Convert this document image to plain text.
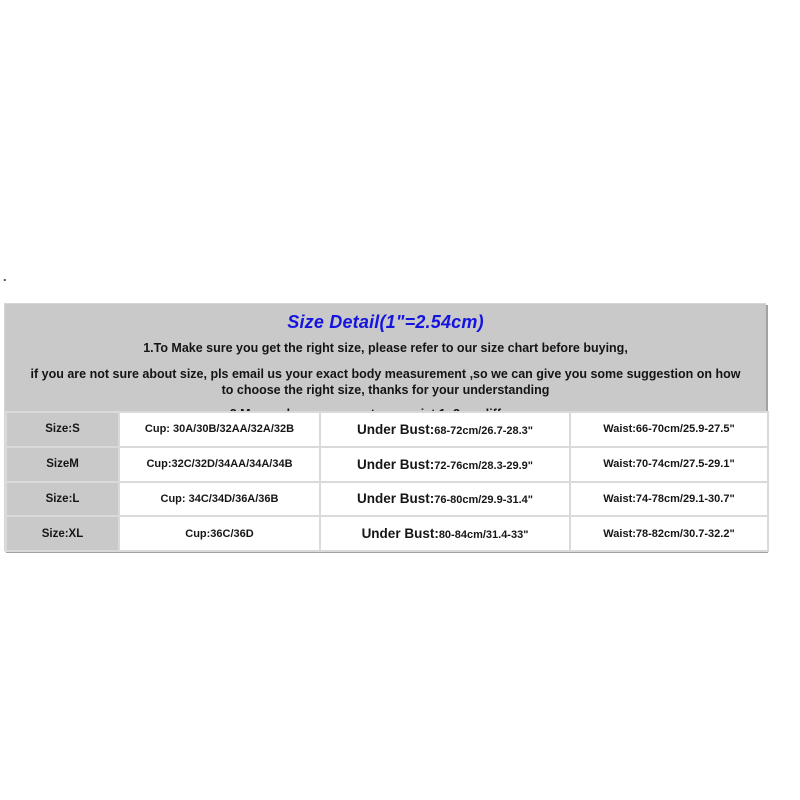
.
Size Detail(1"=2.54cm)
1.To Make sure you get the right size, please refer to our size chart before buying,
if you are not sure about size, pls email us your exact body measurement ,so we can give you some suggestion on how to choose the right size, thanks for your understanding
Size:S	Cup: 30A/30B/32AA/32A/32B	Under Bust:68-72cm/26.7-28.3"	Waist:66-70cm/25.9-27.5"
SizeM	Cup:32C/32D/34AA/34A/34B	Under Bust:72-76cm/28.3-29.9"	Waist:70-74cm/27.5-29.1"
Size:L	Cup: 34C/34D/36A/36B	Under Bust:76-80cm/29.9-31.4"	Waist:74-78cm/29.1-30.7"
Size:XL	Cup:36C/36D	Under Bust:80-84cm/31.4-33"	Waist:78-82cm/30.7-32.2"
